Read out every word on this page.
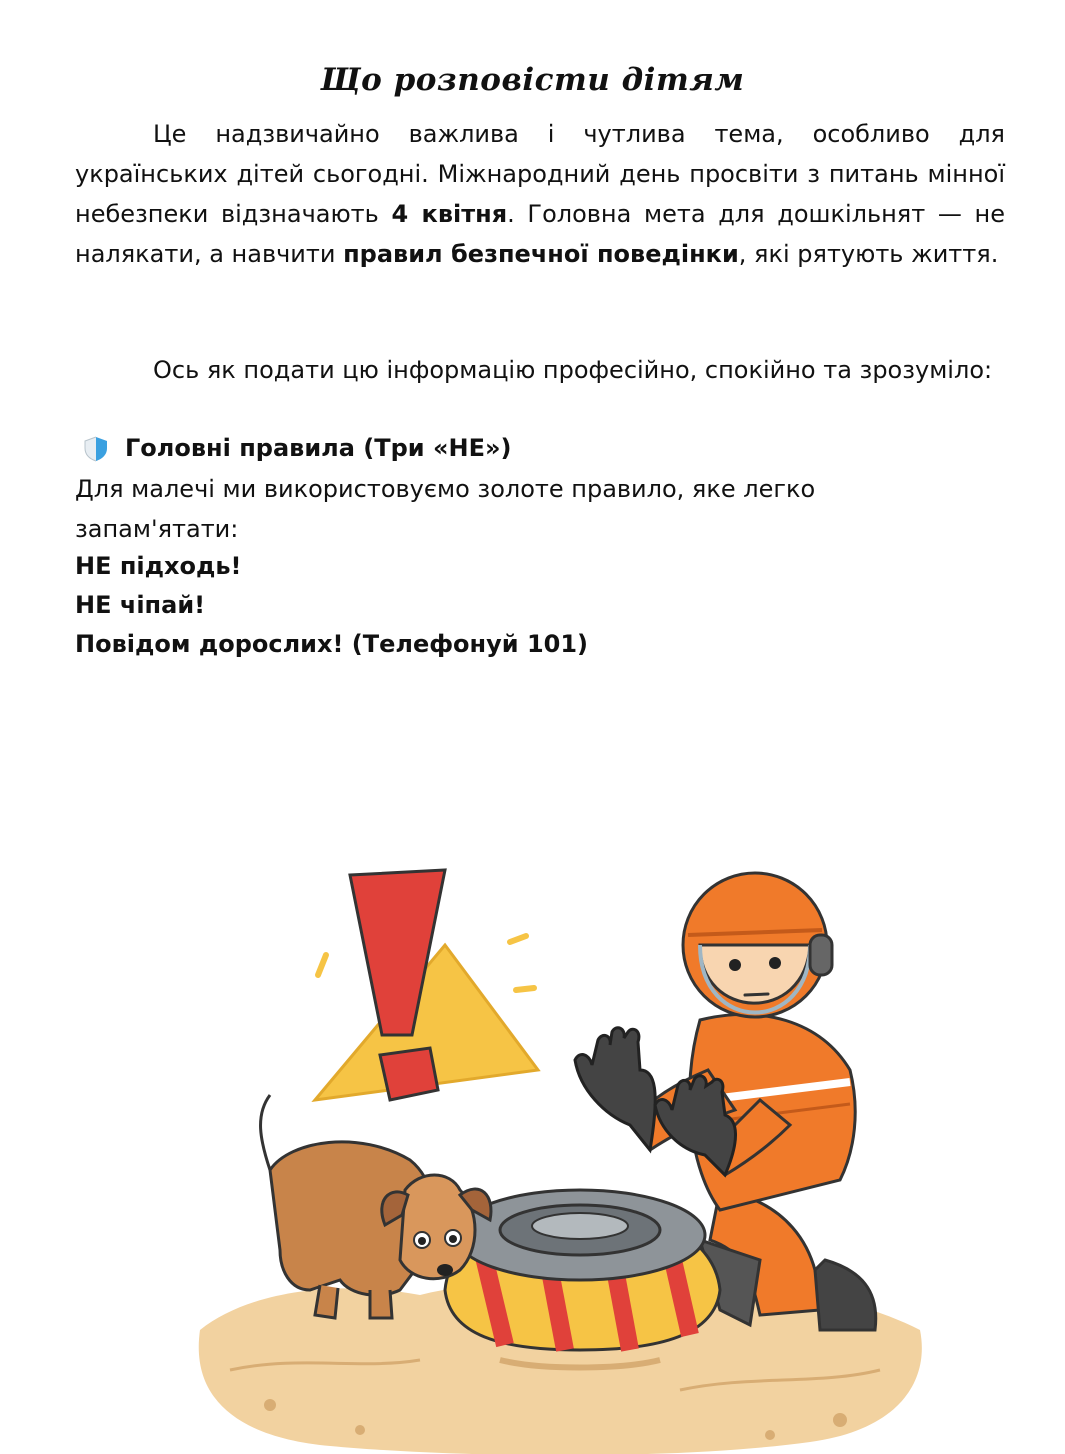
Що розповісти дітям

Це надзвичайно важлива і чутлива тема, особливо для українських дітей сьогодні. Міжнародний день просвіти з питань мінної небезпеки відзначають 4 квітня. Головна мета для дошкільнят — не налякати, а навчити правил безпечної поведінки, які рятують життя.

Ось як подати цю інформацію професійно, спокійно та зрозуміло:

Головні правила (Три «НЕ»)
Для малечі ми використовуємо золоте правило, яке легко запам'ятати:
НЕ підходь!
НЕ чіпай!
Повідом дорослих! (Телефонуй 101)
